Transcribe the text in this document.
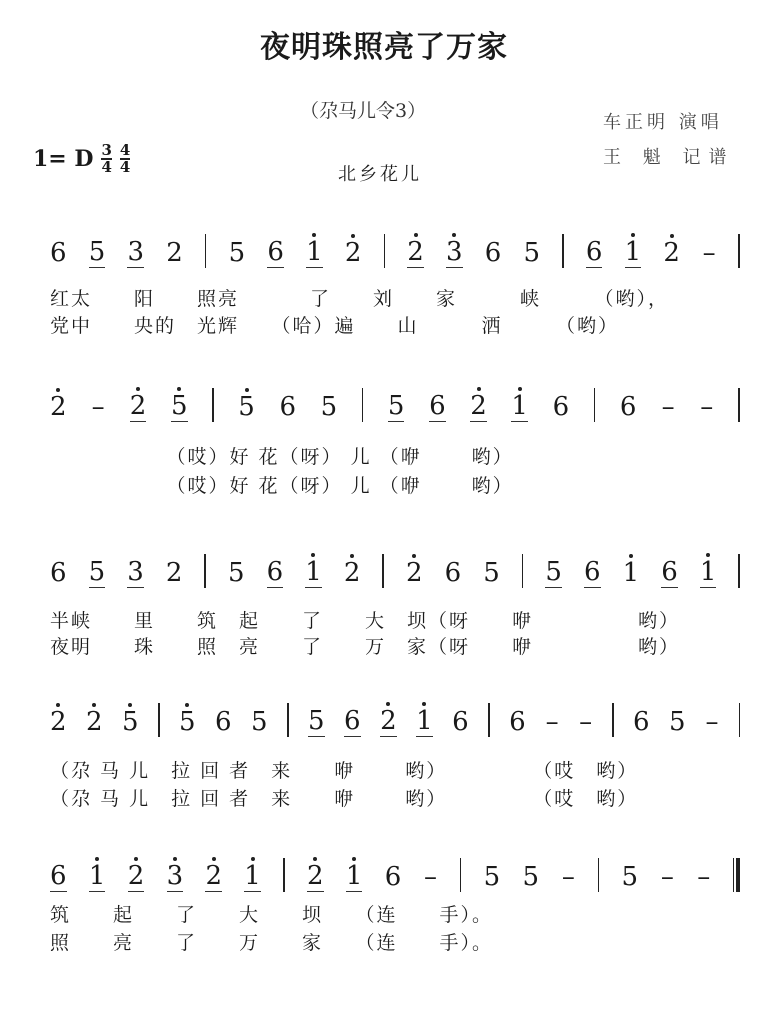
夜明珠照亮了万家
（尕马儿令3）
车正明 演唱
王 魁 记谱
1= D $\frac{3}{4} \frac{4}{4}$	北乡花儿
6 5 3 2 5 6 1 2 2 3 6 5 6 1 2 –
红太　　阳　　照亮　　　 了　　刘　　家　　　峡　　　（哟），
党中　　央的　光辉　　（哈）遍　　山　　　洒　　　（哟）
2 – 2 5 5 6 5 5 6 2 1 6 6 – –
　　　　　　（哎）好 花（呀） 儿 （咿　　 哟）
　　　　　　（哎）好 花（呀） 儿 （咿　　 哟）
6 5 3 2 5 6 1 2 2 6 5 5 6 1 6 1
半峡　　里　　筑　起　　了　　大　坝（呀　　咿　　　　　哟）
夜明　　珠　　照　亮　　了　　万　家（呀　　咿　　　　　哟）
2 2 5 5 6 5 5 6 2 1 6 6 – – 6 5 –
（尕 马 儿　拉 回 者　来　　咿　　 哟）　　　　　（哎　哟）
（尕 马 儿　拉 回 者　来　　咿　　 哟）　　　　　（哎　哟）
6 1 2 3 2 1 2 1 6 – 5 5 – 5 – –
筑　　起　　了　　大　　坝　　（连　　手）。
照　　亮　　了　　万　　家　　（连　　手）。
